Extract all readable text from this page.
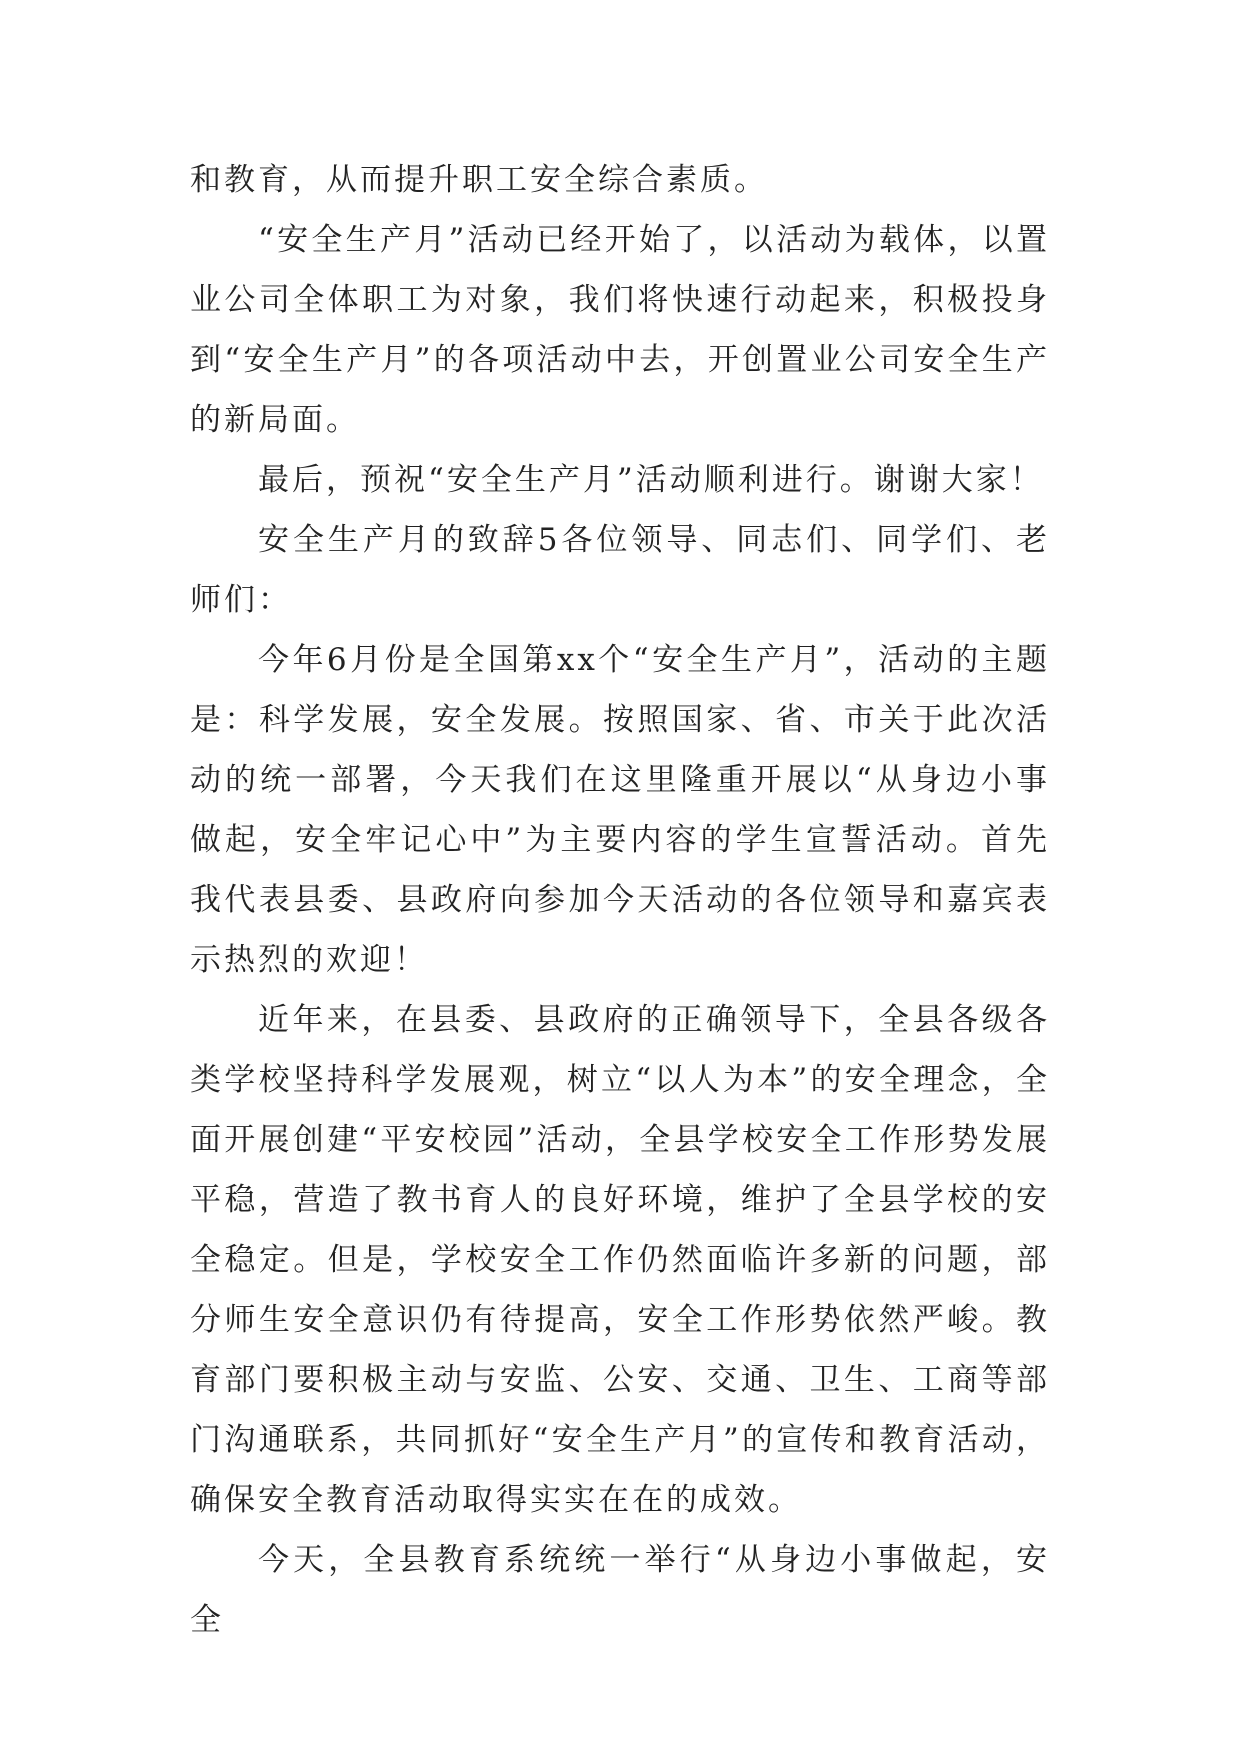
和教育，从而提升职工安全综合素质。

“安全生产月”活动已经开始了，以活动为载体，以置业公司全体职工为对象，我们将快速行动起来，积极投身到“安全生产月”的各项活动中去，开创置业公司安全生产的新局面。

最后，预祝“安全生产月”活动顺利进行。谢谢大家！

安全生产月的致辞5各位领导、同志们、同学们、老师们：

今年6月份是全国第xx个“安全生产月”，活动的主题是：科学发展，安全发展。按照国家、省、市关于此次活动的统一部署，今天我们在这里隆重开展以“从身边小事做起，安全牢记心中”为主要内容的学生宣誓活动。首先我代表县委、县政府向参加今天活动的各位领导和嘉宾表示热烈的欢迎！

近年来，在县委、县政府的正确领导下，全县各级各类学校坚持科学发展观，树立“以人为本”的安全理念，全面开展创建“平安校园”活动，全县学校安全工作形势发展平稳，营造了教书育人的良好环境，维护了全县学校的安全稳定。但是，学校安全工作仍然面临许多新的问题，部分师生安全意识仍有待提高，安全工作形势依然严峻。教育部门要积极主动与安监、公安、交通、卫生、工商等部门沟通联系，共同抓好“安全生产月”的宣传和教育活动，确保安全教育活动取得实实在在的成效。

今天，全县教育系统统一举行“从身边小事做起，安全
